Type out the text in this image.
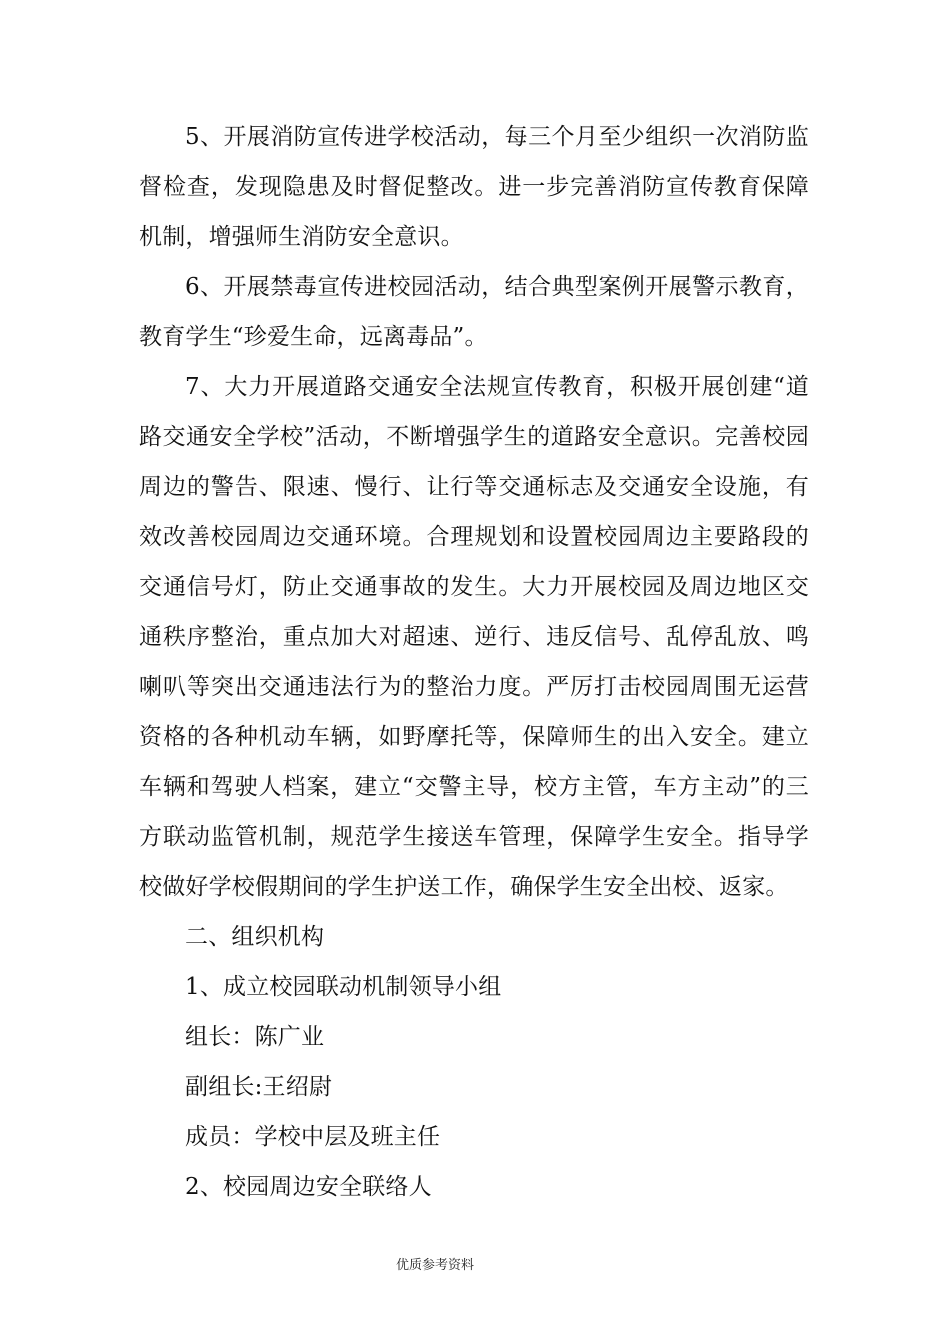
5、开展消防宣传进学校活动，每三个月至少组织一次消防监督检查，发现隐患及时督促整改。进一步完善消防宣传教育保障机制，增强师生消防安全意识。

6、开展禁毒宣传进校园活动，结合典型案例开展警示教育，教育学生“珍爱生命，远离毒品”。

7、大力开展道路交通安全法规宣传教育，积极开展创建“道路交通安全学校”活动，不断增强学生的道路安全意识。完善校园周边的警告、限速、慢行、让行等交通标志及交通安全设施，有效改善校园周边交通环境。合理规划和设置校园周边主要路段的交通信号灯，防止交通事故的发生。大力开展校园及周边地区交通秩序整治，重点加大对超速、逆行、违反信号、乱停乱放、鸣喇叭等突出交通违法行为的整治力度。严厉打击校园周围无运营资格的各种机动车辆，如野摩托等，保障师生的出入安全。建立车辆和驾驶人档案，建立“交警主导，校方主管，车方主动”的三方联动监管机制，规范学生接送车管理，保障学生安全。指导学校做好学校假期间的学生护送工作，确保学生安全出校、返家。

二、组织机构

1、成立校园联动机制领导小组

组长：陈广业

副组长:王绍尉

成员：学校中层及班主任

2、校园周边安全联络人

优质参考资料
